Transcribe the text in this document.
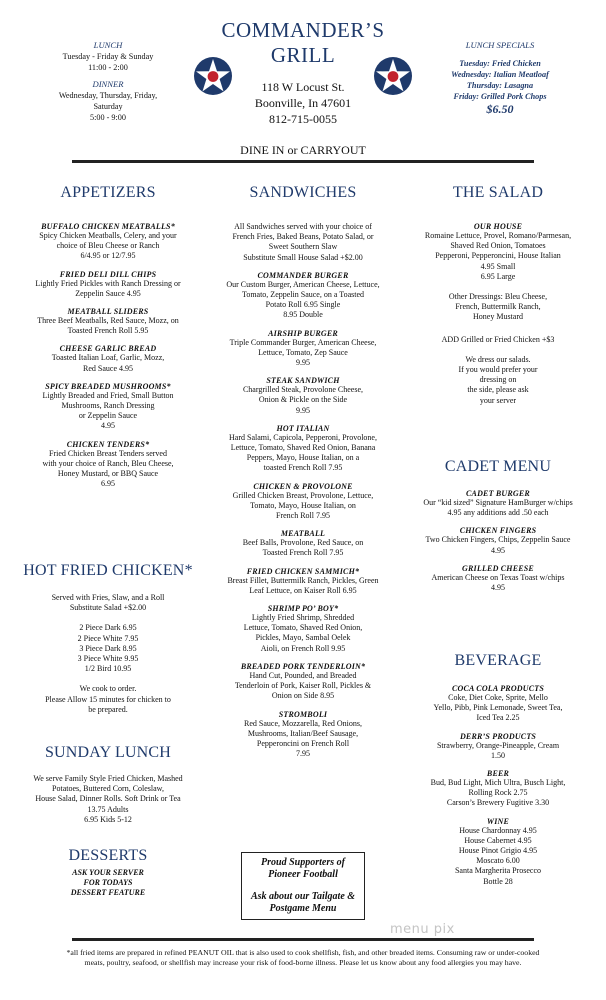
LUNCH
Tuesday - Friday & Sunday
11:00 - 2:00
DINNER
Wednesday, Thursday, Friday,
Saturday
5:00 - 9:00
COMMANDER’S GRILL
118 W Locust St.
Boonville, In 47601
812-715-0055
DINE IN or CARRYOUT
LUNCH SPECIALS
Tuesday: Fried Chicken
Wednesday: Italian Meatloaf
Thursday: Lasagna
Friday: Grilled Pork Chops
$6.50
APPETIZERS
BUFFALO CHICKEN MEATBALLS*
Spicy Chicken Meatballs, Celery, and your
choice of Bleu Cheese or Ranch
6/4.95 or 12/7.95
FRIED DELI DILL CHIPS
Lightly Fried Pickles with Ranch Dressing or
Zeppelin Sauce 4.95
MEATBALL SLIDERS
Three Beef Meatballs, Red Sauce, Mozz, on
Toasted French Roll 5.95
CHEESE GARLIC BREAD
Toasted Italian Loaf, Garlic, Mozz,
Red Sauce 4.95
SPICY BREADED MUSHROOMS*
Lightly Breaded and Fried, Small Button
Mushrooms, Ranch Dressing
or Zeppelin Sauce
4.95
CHICKEN TENDERS*
Fried Chicken Breast Tenders served
with your choice of Ranch, Bleu Cheese,
Honey Mustard, or BBQ Sauce
6.95
HOT FRIED CHICKEN*
Served with Fries, Slaw, and a Roll
Substitute Salad +$2.00
2 Piece Dark 6.95
2 Piece White 7.95
3 Piece Dark 8.95
3 Piece White 9.95
1/2 Bird 10.95
We cook to order.
Please Allow 15 minutes for chicken to
be prepared.
SUNDAY LUNCH
We serve Family Style Fried Chicken, Mashed
Potatoes, Buttered Corn, Coleslaw,
House Salad, Dinner Rolls. Soft Drink or Tea
13.75 Adults
6.95 Kids 5-12
DESSERTS
ASK YOUR SERVER
FOR TODAYS
DESSERT FEATURE
SANDWICHES
All Sandwiches served with your choice of
French Fries, Baked Beans, Potato Salad, or
Sweet Southern Slaw
Substitute Small House Salad +$2.00
COMMANDER BURGER
Our Custom Burger, American Cheese, Lettuce,
Tomato, Zeppelin Sauce, on a Toasted
Potato Roll 6.95 Single
8.95 Double
AIRSHIP BURGER
Triple Commander Burger, American Cheese,
Lettuce, Tomato, Zep Sauce
9.95
STEAK SANDWICH
Chargrilled Steak, Provolone Cheese,
Onion & Pickle on the Side
9.95
HOT ITALIAN
Hard Salami, Capicola, Pepperoni, Provolone,
Lettuce, Tomato, Shaved Red Onion, Banana
Peppers, Mayo, House Italian, on a
toasted French Roll 7.95
CHICKEN & PROVOLONE
Grilled Chicken Breast, Provolone, Lettuce,
Tomato, Mayo, House Italian, on
French Roll 7.95
MEATBALL
Beef Balls, Provolone, Red Sauce, on
Toasted French Roll 7.95
FRIED CHICKEN SAMMICH*
Breast Fillet, Buttermilk Ranch, Pickles, Green
Leaf Lettuce, on Kaiser Roll 6.95
SHRIMP PO’ BOY*
Lightly Fried Shrimp, Shredded
Lettuce, Tomato, Shaved Red Onion,
Pickles, Mayo, Sambal Oelek
Aioli, on French Roll 9.95
BREADED PORK TENDERLOIN*
Hand Cut, Pounded, and Breaded
Tenderloin of Pork, Kaiser Roll, Pickles &
Onion on Side 8.95
STROMBOLI
Red Sauce, Mozzarella, Red Onions,
Mushrooms, Italian/Beef Sausage,
Pepperoncini on French Roll
7.95
Proud Supporters of
Pioneer Football
Ask about our Tailgate &
Postgame Menu
THE SALAD
OUR HOUSE
Romaine Lettuce, Provel, Romano/Parmesan,
Shaved Red Onion, Tomatoes
Pepperoni, Pepperoncini, House Italian
4.95 Small
6.95 Large
Other Dressings: Bleu Cheese,
French, Buttermilk Ranch,
Honey Mustard
ADD Grilled or Fried Chicken +$3
We dress our salads.
If you would prefer your
dressing on
the side, please ask
your server
CADET MENU
CADET BURGER
Our “kid sized” Signature HamBurger w/chips
4.95 any additions add .50 each
CHICKEN FINGERS
Two Chicken Fingers, Chips, Zeppelin Sauce
4.95
GRILLED CHEESE
American Cheese on Texas Toast w/chips
4.95
BEVERAGE
COCA COLA PRODUCTS
Coke, Diet Coke, Sprite, Mello
Yello, Pibb, Pink Lemonade, Sweet Tea,
Iced Tea 2.25
DERR’S PRODUCTS
Strawberry, Orange-Pineapple, Cream
1.50
BEER
Bud, Bud Light, Mich Ultra, Busch Light,
Rolling Rock 2.75
Carson’s Brewery Fugitive 3.30
WINE
House Chardonnay 4.95
House Cabernet 4.95
House Pinot Grigio 4.95
Moscato 6.00
Santa Margherita Prosecco
Bottle 28
menu pix
*all fried items are prepared in refined PEANUT OIL that is also used to cook shellfish, fish, and other breaded items. Consuming raw or under-cooked meats, poultry, seafood, or shellfish may increase your risk of food-borne illness. Please let us know about any food allergies you may have.
